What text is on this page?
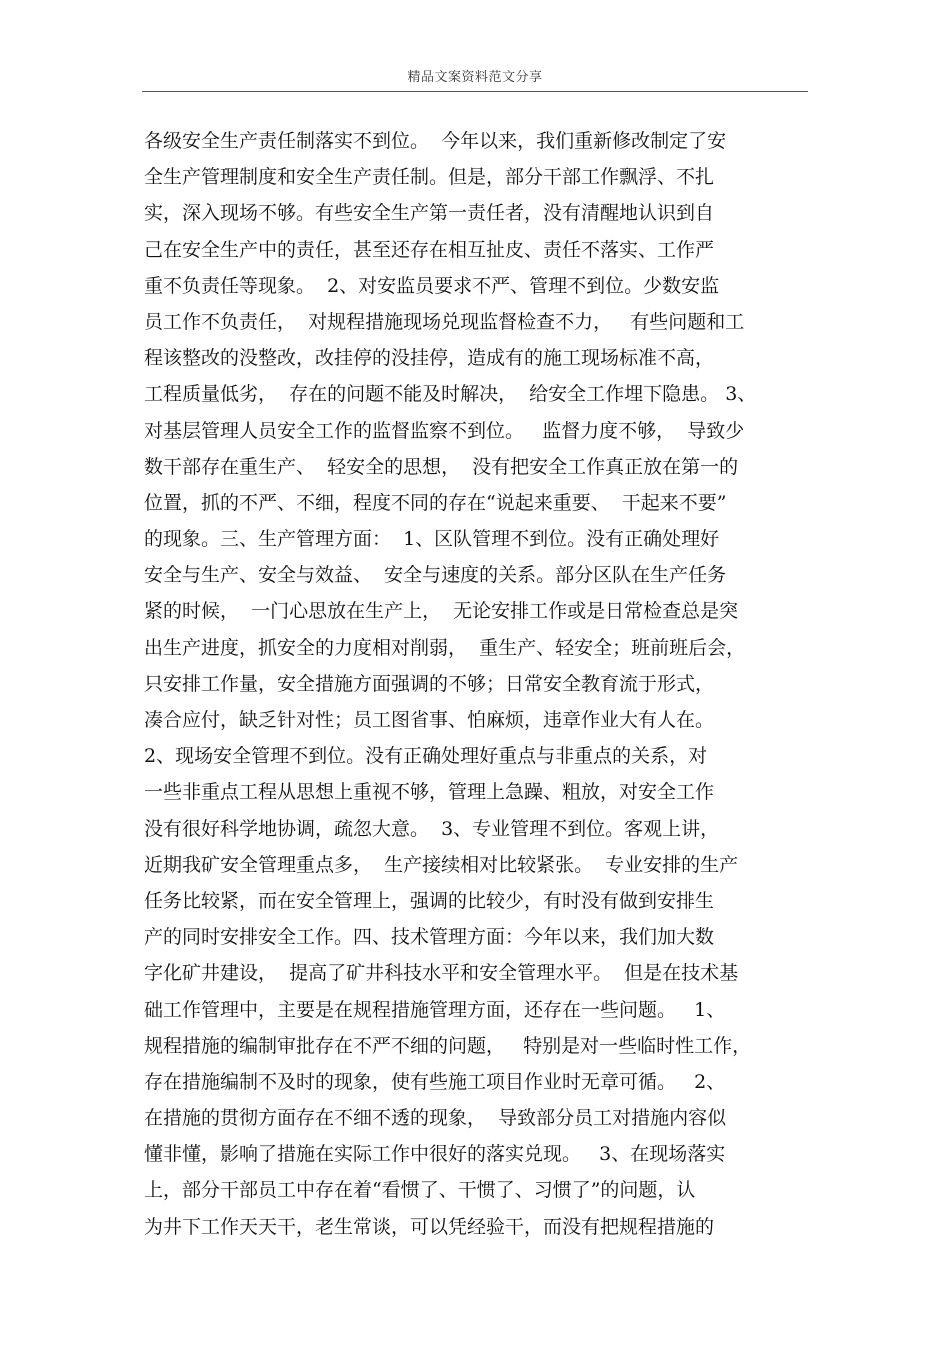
精品文案资料范文分享
各级安全生产责任制落实不到位。  今年以来，我们重新修改制定了安
全生产管理制度和安全生产责任制。但是，部分干部工作飘浮、不扎
实，深入现场不够。有些安全生产第一责任者，没有清醒地认识到自
己在安全生产中的责任，甚至还存在相互扯皮、责任不落实、工作严
重不负责任等现象。  2、对安监员要求不严、管理不到位。少数安监
员工作不负责任，  对规程措施现场兑现监督检查不力，   有些问题和工
程该整改的没整改，改挂停的没挂停，造成有的施工现场标准不高，
工程质量低劣，  存在的问题不能及时解决，  给安全工作埋下隐患。 3、
对基层管理人员安全工作的监督监察不到位。   监督力度不够，  导致少
数干部存在重生产、  轻安全的思想，  没有把安全工作真正放在第一的
位置，抓的不严、不细，程度不同的存在“说起来重要、  干起来不要”
的现象。三、生产管理方面：  1、区队管理不到位。没有正确处理好
安全与生产、安全与效益、  安全与速度的关系。部分区队在生产任务
紧的时候，  一门心思放在生产上，  无论安排工作或是日常检查总是突
出生产进度，抓安全的力度相对削弱，  重生产、轻安全；班前班后会，
只安排工作量，安全措施方面强调的不够；日常安全教育流于形式，
凑合应付，缺乏针对性；员工图省事、怕麻烦，违章作业大有人在。
2、现场安全管理不到位。没有正确处理好重点与非重点的关系，对
一些非重点工程从思想上重视不够，管理上急躁、粗放，对安全工作
没有很好科学地协调，疏忽大意。  3、专业管理不到位。客观上讲，
近期我矿安全管理重点多，  生产接续相对比较紧张。  专业安排的生产
任务比较紧，而在安全管理上，强调的比较少，有时没有做到安排生
产的同时安排安全工作。四、技术管理方面：今年以来，我们加大数
字化矿井建设，  提高了矿井科技水平和安全管理水平。  但是在技术基
础工作管理中，主要是在规程措施管理方面，还存在一些问题。   1、
规程措施的编制审批存在不严不细的问题，   特别是对一些临时性工作，
存在措施编制不及时的现象，使有些施工项目作业时无章可循。   2、
在措施的贯彻方面存在不细不透的现象，  导致部分员工对措施内容似
懂非懂，影响了措施在实际工作中很好的落实兑现。   3、在现场落实
上，部分干部员工中存在着“看惯了、干惯了、习惯了”的问题，认
为井下工作天天干，老生常谈，可以凭经验干，而没有把规程措施的
